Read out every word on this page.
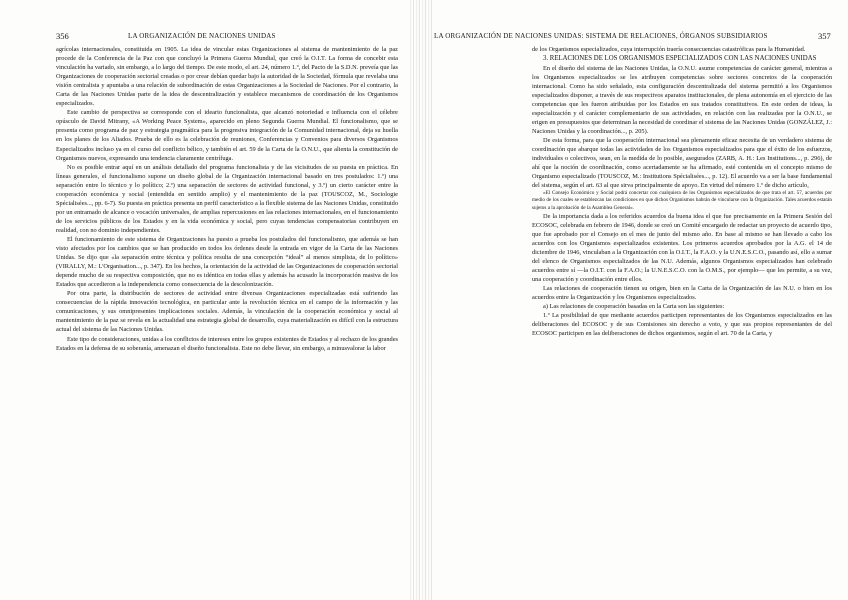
356	LA ORGANIZACIÓN DE NACIONES UNIDAS

agrícolas internacionales, constituida en 1905. La idea de vincular estas Organizaciones al sistema de mantenimiento de la paz procede de la Conferencia de la Paz con que concluyó la Primera Guerra Mundial, que creó la O.I.T. La forma de concebir esta vinculación ha variado, sin embargo, a lo largo del tiempo. De este modo, el art. 24, número 1.º, del Pacto de la S.D.N. preveía que las Organizaciones de cooperación sectorial creadas o por crear debían quedar bajo la autoridad de la Sociedad, fórmula que revelaba una visión centralista y apuntaba a una relación de subordinación de estas Organizaciones a la Sociedad de Naciones. Por el contrario, la Carta de las Naciones Unidas parte de la idea de descentralización y establece mecanismos de coordinación de los Organismos especializados.

Este cambio de perspectiva se corresponde con el ideario funcionalista, que alcanzó notoriedad e influencia con el célebre opúsculo de David Mitrany, «A Working Peace System», aparecido en pleno Segunda Guerra Mundial. El funcionalismo, que se presenta como programa de paz y estrategia pragmática para la progresiva integración de la Comunidad internacional, deja su huella en los planes de los Aliados. Prueba de ello es la celebración de reuniones, Conferencias y Convenios para diversos Organismos Especializados incluso ya en el curso del conflicto bélico, y también el art. 59 de la Carta de la O.N.U., que alienta la constitución de Organismos nuevos, expresando una tendencia claramente centrífuga.

No es posible entrar aquí en un análisis detallado del programa funcionalista y de las vicisitudes de su puesta en práctica. En líneas generales, el funcionalismo supone un diseño global de la Organización internacional basado en tres postulados: 1.º) una separación entre lo técnico y lo político; 2.º) una separación de sectores de actividad funcional, y 3.º) un cierto carácter entre la cooperación económica y social (entendida en sentido amplio) y el mantenimiento de la paz (TOUSCOZ, M., Sociologie Spécialisées..., pp. 6-7). Su puesta en práctica presenta un perfil característico a la flexible sistema de las Naciones Unidas, constituido por un entramado de alcance o vocación universales, de amplias repercusiones en las relaciones internacionales, en el funcionamiento de los servicios públicos de los Estados y en la vida económica y social, pero cuyas tendencias compensatorias contribuyen en realidad, con no dominio independientes.

El funcionamiento de este sistema de Organizaciones ha puesto a prueba los postulados del funcionalismo, que además se han visto afectados por los cambios que se han producido en todos los órdenes desde la entrada en vigor de la Carta de las Naciones Unidas. Se dijo que «la separación entre técnica y política resulta de una concepción “ideal” al menos simplista, de lo político» (VIRALLY, M.: L'Organisation..., p. 347). En los hechos, la orientación de la actividad de las Organizaciones de cooperación sectorial depende mucho de su respectiva composición, que no es idéntica en todas ellas y además ha acusado la incorporación masiva de los Estados que accedieron a la independencia como consecuencia de la descolonización.

Por otra parte, la distribución de sectores de actividad entre diversas Organizaciones especializadas está sufriendo las consecuencias de la rápida innovación tecnológica, en particular ante la revolución técnica en el campo de la información y las comunicaciones, y sus omnipresentes implicaciones sociales. Además, la vinculación de la cooperación económica y social al mantenimiento de la paz se revela en la actualidad una estrategia global de desarrollo, cuya materialización es difícil con la estructura actual del sistema de las Naciones Unidas.

Este tipo de consideraciones, unidas a los conflictos de intereses entre los grupos existentes de Estados y al rechazo de los grandes Estados en la defensa de su soberanía, amenazan el diseño funcionalista. Este no debe llevar, sin embargo, a minusvalorar la labor

LA ORGANIZACIÓN DE NACIONES UNIDAS: SISTEMA DE RELACIONES, ÓRGANOS SUBSIDIARIOS	357

de los Organismos especializados, cuya interrupción traería consecuencias catastróficas para la Humanidad.

3. RELACIONES DE LOS ORGANISMOS ESPECIALIZADOS CON LAS NACIONES UNIDAS

En el diseño del sistema de las Naciones Unidas, la O.N.U. asume competencias de carácter general, mientras a los Organismos especializados se les atribuyen competencias sobre sectores concretos de la cooperación internacional. Como ha sido señalado, esta configuración descentralizada del sistema permitió a los Organismos especializados disponer, a través de sus respectivos aparatos institucionales, de plena autonomía en el ejercicio de las competencias que les fueron atribuidas por los Estados en sus tratados constitutivos. En este orden de ideas, la especialización y el carácter complementario de sus actividades, en relación con las realizadas por la O.N.U., se erigen en presupuestos que determinan la necesidad de coordinar el sistema de las Naciones Unidas (GONZÁLEZ, J.: Naciones Unidas y la coordinación..., p. 205).

De esta forma, para que la cooperación internacional sea plenamente eficaz necesita de un verdadero sistema de coordinación que abarque todas las actividades de los Organismos especializados para que el éxito de los esfuerzos, individuales o colectivos, sean, en la medida de lo posible, asegurados (ZARB, A. H.: Les Institutions..., p. 296), de ahí que la noción de coordinación, como acertadamente se ha afirmado, esté contenida en el concepto mismo de Organismo especializado (TOUSCOZ, M.: Institutions Spécialisées..., p. 12). El acuerdo va a ser la base fundamental del sistema, según el art. 63 al que sirva principalmente de apoyo. En virtud del número 1.º de dicho artículo,

«El Consejo Económico y Social podrá concertar con cualquiera de los Organismos especializados de que trata el art. 57, acuerdos por medio de los cuales se establezcan las condiciones en que dichos Organismos habrán de vincularse con la Organización. Tales acuerdos estarán sujetos a la aprobación de la Asamblea General».

De la importancia dada a los referidos acuerdos da buena idea el que fue precisamente en la Primera Sesión del ECOSOC, celebrada en febrero de 1946, donde se creó un Comité encargado de redactar un proyecto de acuerdo tipo, que fue aprobado por el Consejo en el mes de junio del mismo año. En base al mismo se han llevado a cabo los acuerdos con los Organismos especializados existentes. Los primeros acuerdos aprobados por la A.G. el 14 de diciembre de 1946, vinculaban a la Organización con la O.I.T., la F.A.O. y la U.N.E.S.C.O., pasando así, ello a sumar del elenco de Organismos especializados de las N.U. Además, algunos Organismos especializados han celebrado acuerdos entre sí —la O.I.T. con la F.A.O.; la U.N.E.S.C.O. con la O.M.S., por ejemplo— que les permite, a su vez, una cooperación y coordinación entre ellos.

Las relaciones de cooperación tienen su origen, bien en la Carta de la Organización de las N.U. o bien en los acuerdos entre la Organización y los Organismos especializados.

a) Las relaciones de cooperación basadas en la Carta son las siguientes:

1.º La posibilidad de que mediante acuerdos participen representantes de los Organismos especializados en las deliberaciones del ECOSOC y de sus Comisiones sin derecho a voto, y que sus propios representantes de del ECOSOC participen en las deliberaciones de dichos organismos, según el art. 70 de la Carta, y
